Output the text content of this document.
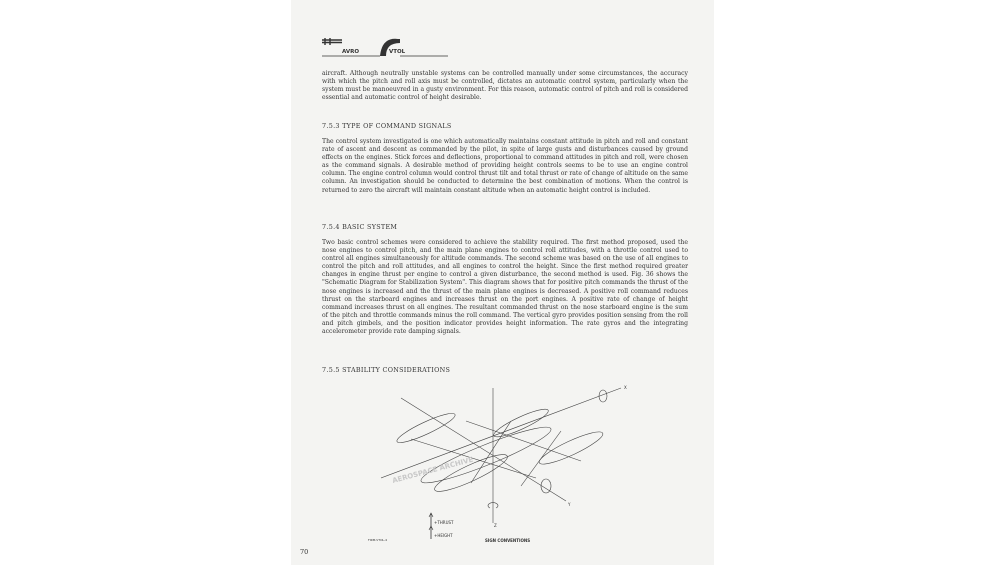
AVRO	VTOL

aircraft. Although neutrally unstable systems can be controlled manually under some circumstances, the accuracy with which the pitch and roll axis must be controlled, dictates an automatic control system, particularly when the system must be manoeuvred in a gusty environment. For this reason, automatic control of pitch and roll is considered essential and automatic control of height desirable.

7.5.3 TYPE OF COMMAND SIGNALS

The control system investigated is one which automatically maintains constant attitude in pitch and roll and constant rate of ascent and descent as commanded by the pilot, in spite of large gusts and disturbances caused by ground effects on the engines. Stick forces and deflections, proportional to command attitudes in pitch and roll, were chosen as the command signals. A desirable method of providing height controls seems to be to use an engine control column. The engine control column would control thrust tilt and total thrust or rate of change of altitude on the same column. An investigation should be conducted to determine the best combination of motions. When the control is returned to zero the aircraft will maintain constant altitude when an automatic height control is included.

7.5.4 BASIC SYSTEM

Two basic control schemes were considered to achieve the stability required. The first method proposed, used the nose engines to control pitch, and the main plane engines to control roll attitudes, with a throttle control used to control all engines simultaneously for altitude commands. The second scheme was based on the use of all engines to control the pitch and roll attitudes, and all engines to control the height. Since the first method required greater changes in engine thrust per engine to control a given disturbance, the second method is used. Fig. 36 shows the "Schematic Diagram for Stabilization System". This diagram shows that for positive pitch commands the thrust of the nose engines is increased and the thrust of the main plane engines is decreased. A positive roll command reduces thrust on the starboard engines and increases thrust on the port engines. A positive rate of change of height command increases thrust on all engines. The resultant commanded thrust on the nose starboard engine is the sum of the pitch and throttle commands minus the roll command. The vertical gyro provides position sensing from the roll and pitch gimbels, and the position indicator provides height information. The rate gyros and the integrating accelerometer provide rate damping signals.

7.5.5 STABILITY CONSIDERATIONS
X
Y
Z
AEROSPACE ARCHIVE
+THRUST
+HEIGHT
FIRM-VTOL-4	SIGN CONVENTIONS
70
